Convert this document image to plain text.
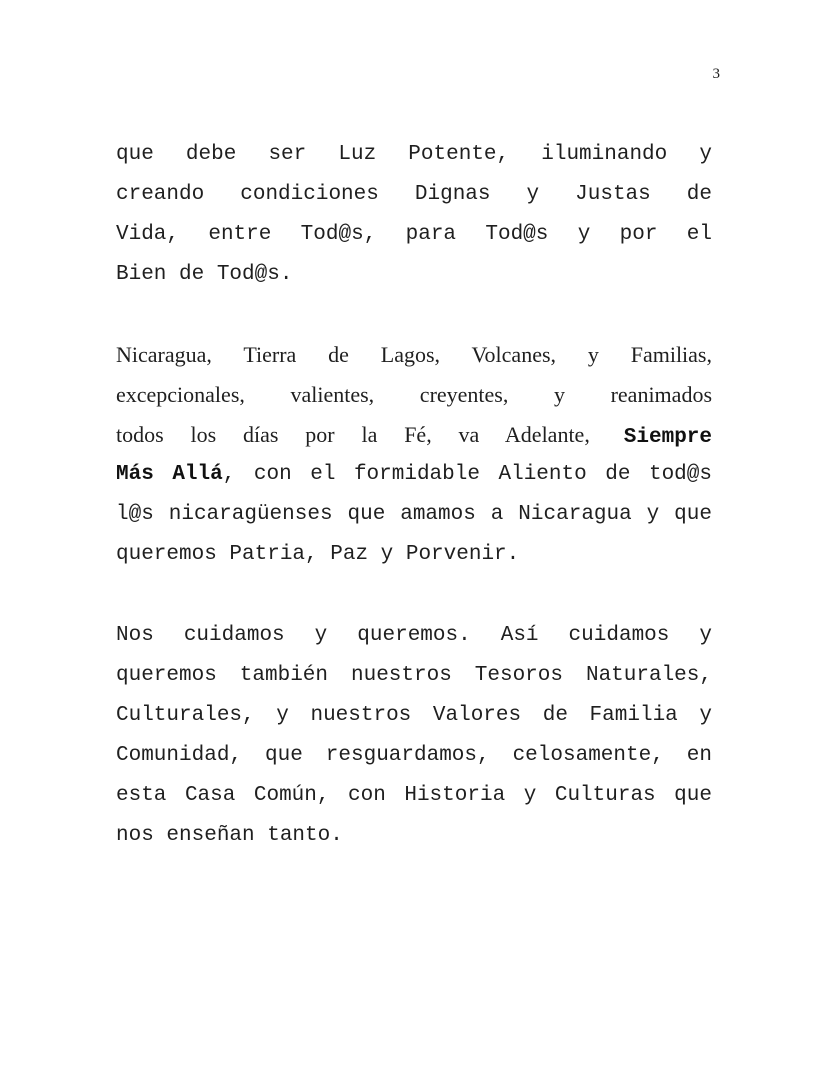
3
que debe ser Luz Potente, iluminando y
creando condiciones Dignas y Justas de
Vida, entre Tod@s, para Tod@s y por el
Bien de Tod@s.
Nicaragua, Tierra de Lagos, Volcanes, y Familias,
excepcionales, valientes, creyentes, y reanimados
todos los días por la Fé, va Adelante, Siempre
Más Allá, con el formidable Aliento de tod@s
l@s nicaragüenses que amamos a Nicaragua y que
queremos Patria, Paz y Porvenir.
Nos cuidamos y queremos. Así cuidamos y
queremos también nuestros Tesoros Naturales,
Culturales, y nuestros Valores de Familia y
Comunidad, que resguardamos, celosamente, en
esta Casa Común, con Historia y Culturas que
nos enseñan tanto.
